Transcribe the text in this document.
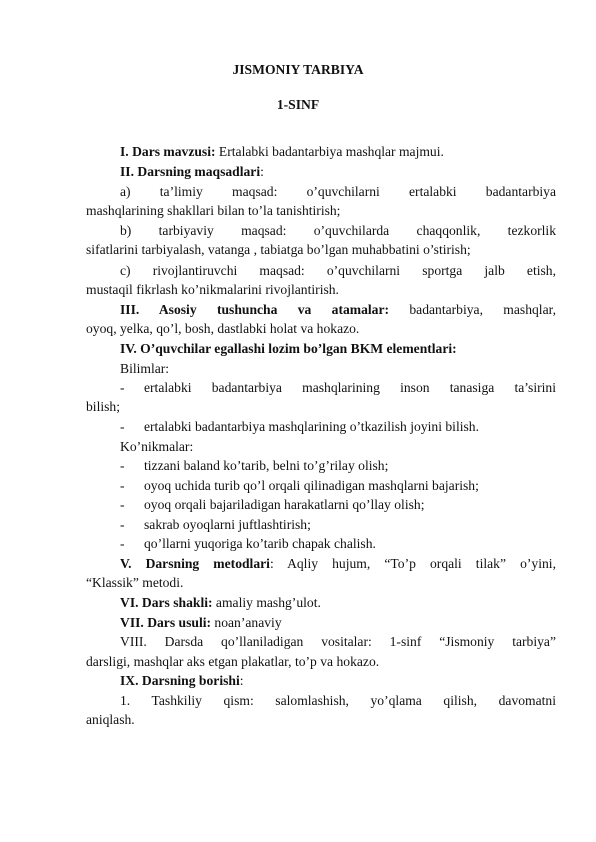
JISMONIY TARBIYA
1-SINF
I. Dars mavzusi: Ertalabki badantarbiya mashqlar majmui.
II. Darsning maqsadlari:
a) ta’limiy maqsad: o’quvchilarni ertalabki badantarbiya
mashqlarining shakllari bilan to’la tanishtirish;
b) tarbiyaviy maqsad: o’quvchilarda chaqqonlik, tezkorlik
sifatlarini tarbiyalash, vatanga , tabiatga bo’lgan muhabbatini o’stirish;
c) rivojlantiruvchi maqsad: o’quvchilarni sportga jalb etish,
mustaqil fikrlash ko’nikmalarini rivojlantirish.
III. Asosiy tushuncha va atamalar: badantarbiya, mashqlar,
oyoq, yelka, qo’l, bosh, dastlabki holat va hokazo.
IV. O’quvchilar egallashi lozim bo’lgan BKM elementlari:
Bilimlar:
- ertalabki badantarbiya mashqlarining inson tanasiga ta’sirini
bilish;
- ertalabki badantarbiya mashqlarining o’tkazilish joyini bilish.
Ko’nikmalar:
- tizzani baland ko’tarib, belni to’g’rilay olish;
- oyoq uchida turib qo’l orqali qilinadigan mashqlarni bajarish;
- oyoq orqali bajariladigan harakatlarni qo’llay olish;
- sakrab oyoqlarni juftlashtirish;
- qo’llarni yuqoriga ko’tarib chapak chalish.
V. Darsning metodlari: Aqliy hujum, “To’p orqali tilak” o’yini,
“Klassik” metodi.
VI. Dars shakli: amaliy mashg’ulot.
VII. Dars usuli: noan’anaviy
VIII. Darsda qo’llaniladigan vositalar: 1-sinf “Jismoniy tarbiya”
darsligi, mashqlar aks etgan plakatlar, to’p va hokazo.
IX. Darsning borishi:
1. Tashkiliy qism: salomlashish, yo’qlama qilish, davomatni
aniqlash.
